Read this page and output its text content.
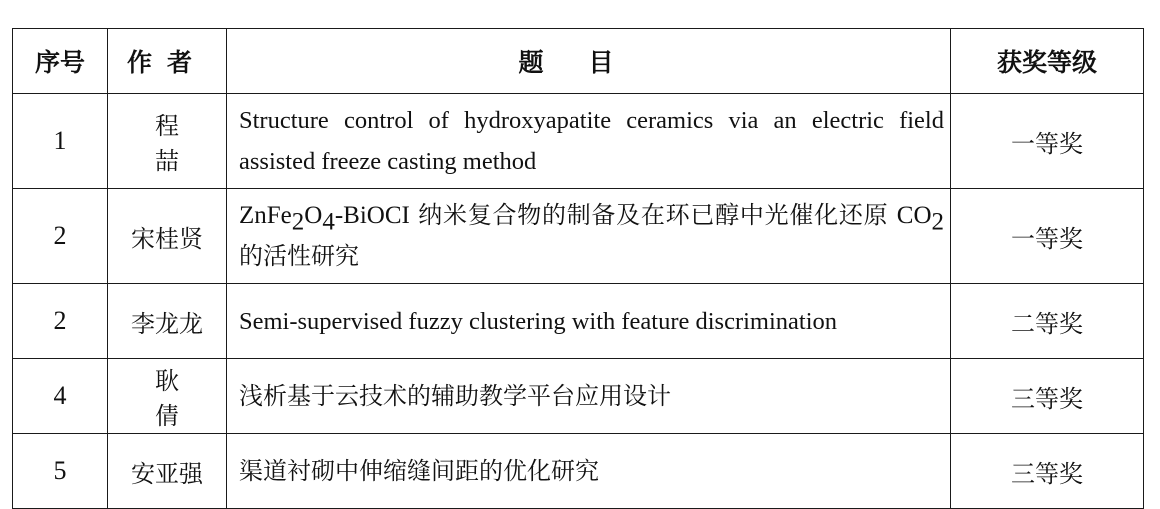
序号	作者	题目	获奖等级
1	程喆	Structure control of hydroxyapatite ceramics via an electric field assisted freeze casting method	一等奖
2	宋桂贤	$ZnFe_2O_4$-BiOCI 纳米复合物的制备及在环已醇中光催化还原 $CO_2$的活性研究	一等奖
2	李龙龙	Semi-supervised fuzzy clustering with feature discrimination	二等奖
4	耿倩	浅析基于云技术的辅助教学平台应用设计	三等奖
5	安亚强	渠道衬砌中伸缩缝间距的优化研究	三等奖
